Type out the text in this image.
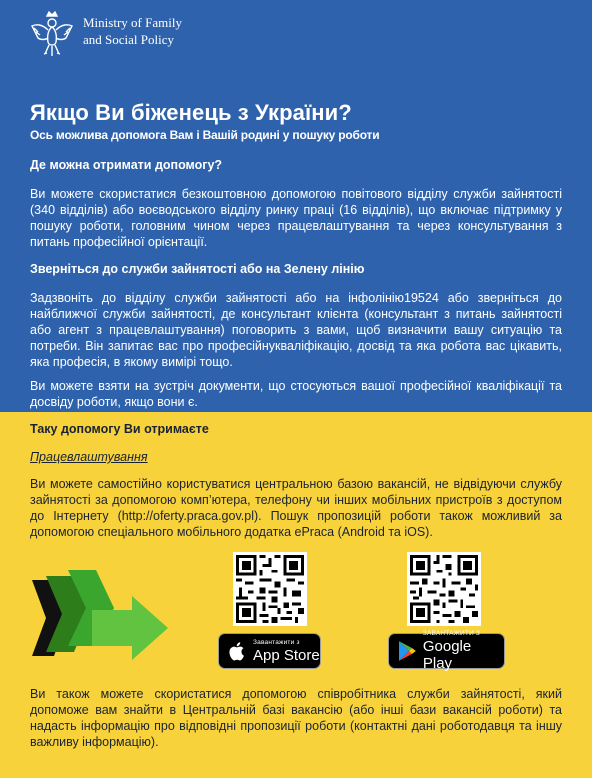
Ministry of Family
and Social Policy
Якщо Ви біженець з України?
Ось можлива допомога Вам і Вашій родині у пошуку роботи
Де можна отримати допомогу?
Ви можете скористатися безкоштовною допомогою повітового відділу служби зайнятості (340 відділів) або воєводського відділу ринку праці (16 відділів), що включає підтримку у пошуку роботи, головним чином через працевлаштування та через консультування з питань професійної орієнтації.
Зверніться до служби зайнятості або на Зелену лінію
Задзвоніть до відділу служби зайнятості або на інфолінію19524 або зверніться до найближчої служби зайнятості, де консультант клієнта (консультант з питань зайнятості або агент з працевлаштування) поговорить з вами, щоб визначити вашу ситуацію та потреби. Він запитає вас про професійнукваліфікацію, досвід та яка робота вас цікавить, яка професія, в якому вимірі тощо.
Ви можете взяти на зустріч документи, що стосуються вашої професійної кваліфікації та досвіду роботи, якщо вони є.
Таку допомогу Ви отримаєте
Працевлаштування
Ви можете самостійно користуватися центральною базою вакансій, не відвідуючи службу зайнятості за допомогою комп’ютера, телефону чи інших мобільних пристроїв з доступом до Інтернету (http://oferty.praca.gov.pl). Пошук пропозицій роботи також можливий за допомогою спеціального мобільного додатка ePraca (Android та iOS).
Завантажити з
App Store
ЗАВАНТАЖИТИ З
Google Play
Ви також можете скористатися допомогою співробітника служби зайнятості, який допоможе вам знайти в Центральній базі вакансію (або інші бази вакансій роботи) та надасть інформацію про відповідні пропозиції роботи (контактні дані роботодавця та іншу важливу інформацію).
